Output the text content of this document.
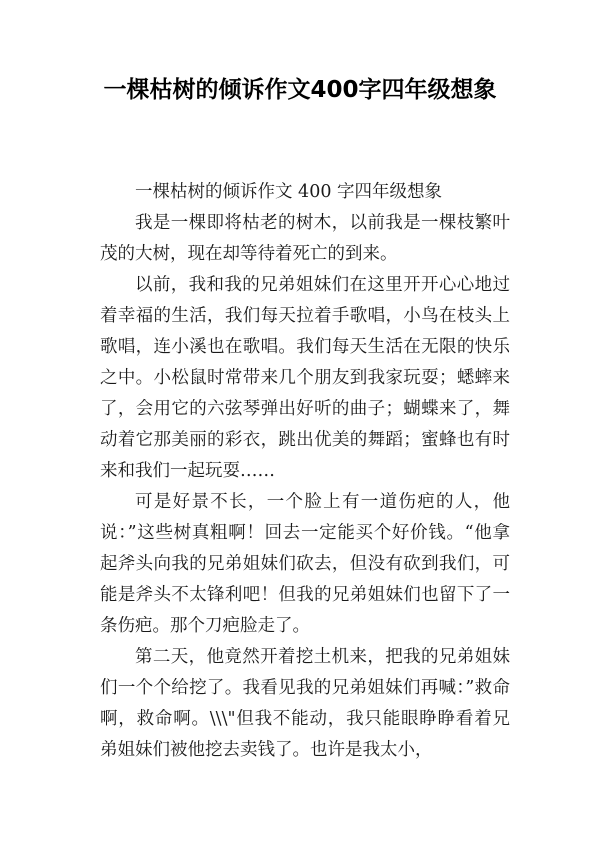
一棵枯树的倾诉作文400字四年级想象

一棵枯树的倾诉作文 400 字四年级想象

我是一棵即将枯老的树木，以前我是一棵枝繁叶茂的大树，现在却等待着死亡的到来。

以前，我和我的兄弟姐妹们在这里开开心心地过着幸福的生活，我们每天拉着手歌唱，小鸟在枝头上歌唱，连小溪也在歌唱。我们每天生活在无限的快乐之中。小松鼠时常带来几个朋友到我家玩耍；蟋蟀来了，会用它的六弦琴弹出好听的曲子；蝴蝶来了，舞动着它那美丽的彩衣，跳出优美的舞蹈；蜜蜂也有时来和我们一起玩耍……

可是好景不长，一个脸上有一道伤疤的人，他说：”这些树真粗啊！回去一定能买个好价钱。“他拿起斧头向我的兄弟姐妹们砍去，但没有砍到我们，可能是斧头不太锋利吧！但我的兄弟姐妹们也留下了一条伤疤。那个刀疤脸走了。

第二天，他竟然开着挖土机来，把我的兄弟姐妹们一个个给挖了。我看见我的兄弟姐妹们再喊：”救命啊，救命啊。\\\"但我不能动，我只能眼睁睁看着兄弟姐妹们被他挖去卖钱了。也许是我太小，
